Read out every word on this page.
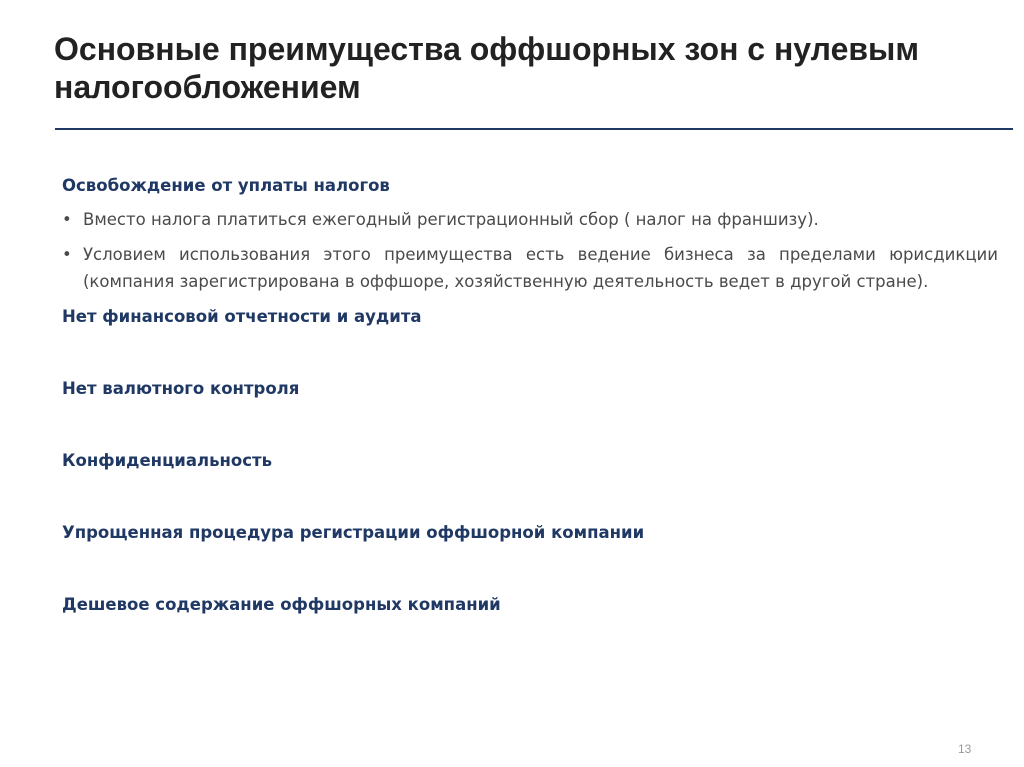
Основные преимущества оффшорных зон с нулевым налогообложением
Освобождение от уплаты налогов
• Вместо налога платиться ежегодный регистрационный сбор ( налог на франшизу).
• Условием использования этого преимущества есть ведение бизнеса за пределами юрисдикции (компания зарегистрирована в оффшоре, хозяйственную деятельность ведет в другой стране).
Нет финансовой отчетности и аудита
Нет валютного контроля
Конфиденциальность
Упрощенная процедура регистрации оффшорной компании
Дешевое содержание оффшорных компаний
13
